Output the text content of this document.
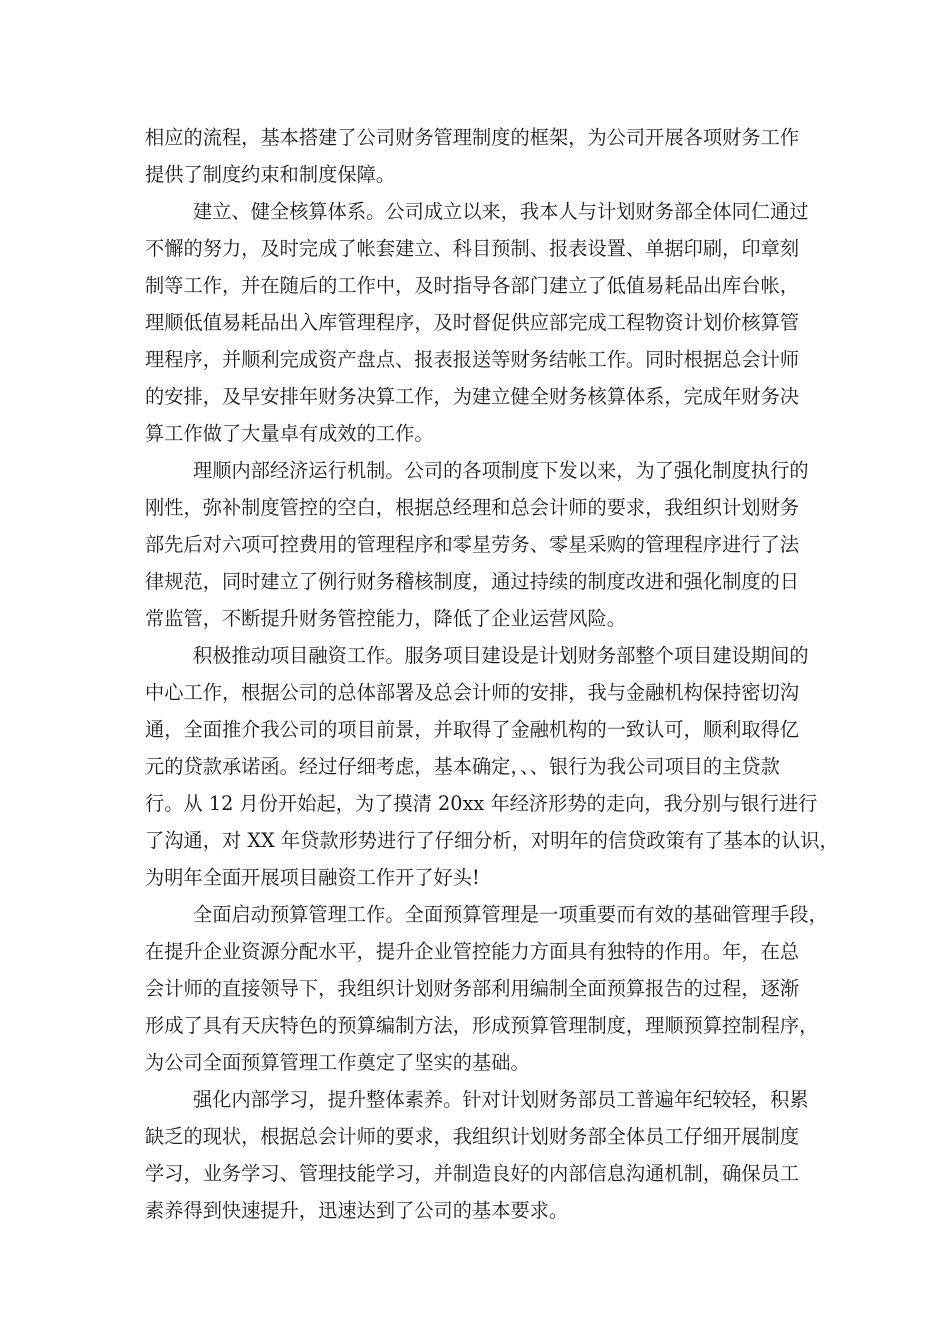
相应的流程，基本搭建了公司财务管理制度的框架，为公司开展各项财务工作
提供了制度约束和制度保障。
建立、健全核算体系。公司成立以来，我本人与计划财务部全体同仁通过
不懈的努力，及时完成了帐套建立、科目预制、报表设置、单据印刷，印章刻
制等工作，并在随后的工作中，及时指导各部门建立了低值易耗品出库台帐，
理顺低值易耗品出入库管理程序，及时督促供应部完成工程物资计划价核算管
理程序，并顺利完成资产盘点、报表报送等财务结帐工作。同时根据总会计师
的安排，及早安排年财务决算工作，为建立健全财务核算体系，完成年财务决
算工作做了大量卓有成效的工作。
理顺内部经济运行机制。公司的各项制度下发以来，为了强化制度执行的
刚性，弥补制度管控的空白，根据总经理和总会计师的要求，我组织计划财务
部先后对六项可控费用的管理程序和零星劳务、零星采购的管理程序进行了法
律规范，同时建立了例行财务稽核制度，通过持续的制度改进和强化制度的日
常监管，不断提升财务管控能力，降低了企业运营风险。
积极推动项目融资工作。服务项目建设是计划财务部整个项目建设期间的
中心工作，根据公司的总体部署及总会计师的安排，我与金融机构保持密切沟
通，全面推介我公司的项目前景，并取得了金融机构的一致认可，顺利取得亿
元的贷款承诺函。经过仔细考虑，基本确定，、、银行为我公司项目的主贷款
行。从 12 月份开始起，为了摸清 20xx 年经济形势的走向，我分别与银行进行
了沟通，对 XX 年贷款形势进行了仔细分析，对明年的信贷政策有了基本的认识，
为明年全面开展项目融资工作开了好头!
全面启动预算管理工作。全面预算管理是一项重要而有效的基础管理手段，
在提升企业资源分配水平，提升企业管控能力方面具有独特的作用。年，在总
会计师的直接领导下，我组织计划财务部利用编制全面预算报告的过程，逐渐
形成了具有天庆特色的预算编制方法，形成预算管理制度，理顺预算控制程序，
为公司全面预算管理工作奠定了坚实的基础。
强化内部学习，提升整体素养。针对计划财务部员工普遍年纪较轻，积累
缺乏的现状，根据总会计师的要求，我组织计划财务部全体员工仔细开展制度
学习，业务学习、管理技能学习，并制造良好的内部信息沟通机制，确保员工
素养得到快速提升，迅速达到了公司的基本要求。
